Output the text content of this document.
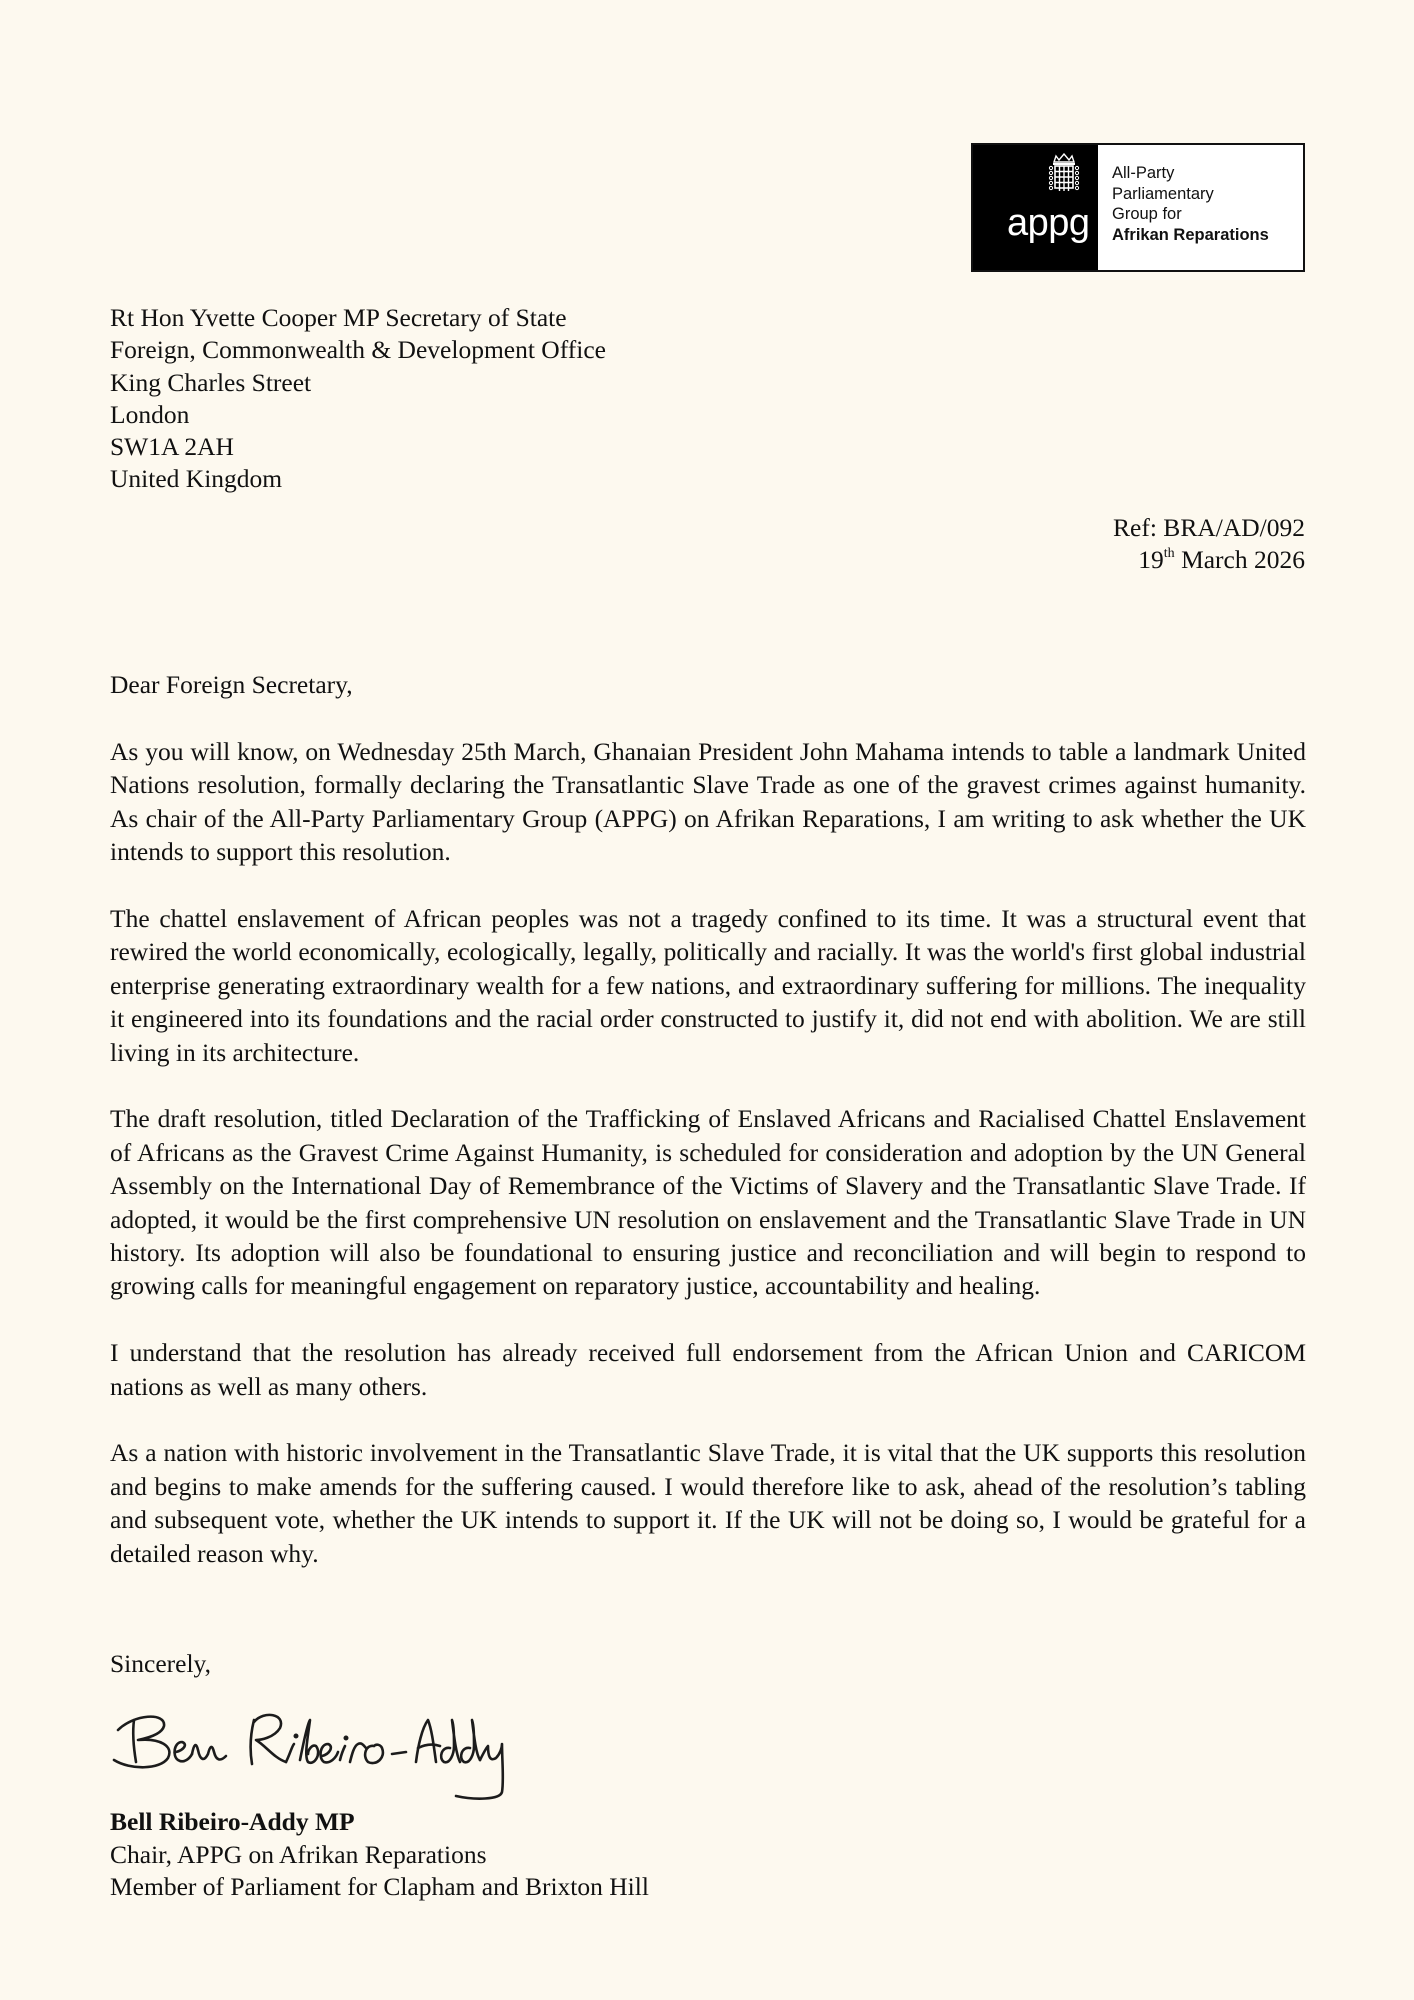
appg
All-Party
Parliamentary
Group for
Afrikan Reparations
Rt Hon Yvette Cooper MP Secretary of State
Foreign, Commonwealth & Development Office
King Charles Street
London
SW1A 2AH
United Kingdom
Ref: BRA/AD/092
19th March 2026
Dear Foreign Secretary,

As you will know, on Wednesday 25th March, Ghanaian President John Mahama intends to table a landmark United Nations resolution, formally declaring the Transatlantic Slave Trade as one of the gravest crimes against humanity. As chair of the All-Party Parliamentary Group (APPG) on Afrikan Reparations, I am writing to ask whether the UK intends to support this resolution.

The chattel enslavement of African peoples was not a tragedy confined to its time. It was a structural event that rewired the world economically, ecologically, legally, politically and racially. It was the world's first global industrial enterprise generating extraordinary wealth for a few nations, and extraordinary suffering for millions. The inequality it engineered into its foundations and the racial order constructed to justify it, did not end with abolition. We are still living in its architecture.

The draft resolution, titled Declaration of the Trafficking of Enslaved Africans and Racialised Chattel Enslavement of Africans as the Gravest Crime Against Humanity, is scheduled for consideration and adoption by the UN General Assembly on the International Day of Remembrance of the Victims of Slavery and the Transatlantic Slave Trade. If adopted, it would be the first comprehensive UN resolution on enslavement and the Transatlantic Slave Trade in UN history. Its adoption will also be foundational to ensuring justice and reconciliation and will begin to respond to growing calls for meaningful engagement on reparatory justice, accountability and healing.

I understand that the resolution has already received full endorsement from the African Union and CARICOM nations as well as many others.

As a nation with historic involvement in the Transatlantic Slave Trade, it is vital that the UK supports this resolution and begins to make amends for the suffering caused. I would therefore like to ask, ahead of the resolution’s tabling and subsequent vote, whether the UK intends to support it. If the UK will not be doing so, I would be grateful for a detailed reason why.

Sincerely,
Bell Ribeiro-Addy MP
Chair, APPG on Afrikan Reparations
Member of Parliament for Clapham and Brixton Hill
